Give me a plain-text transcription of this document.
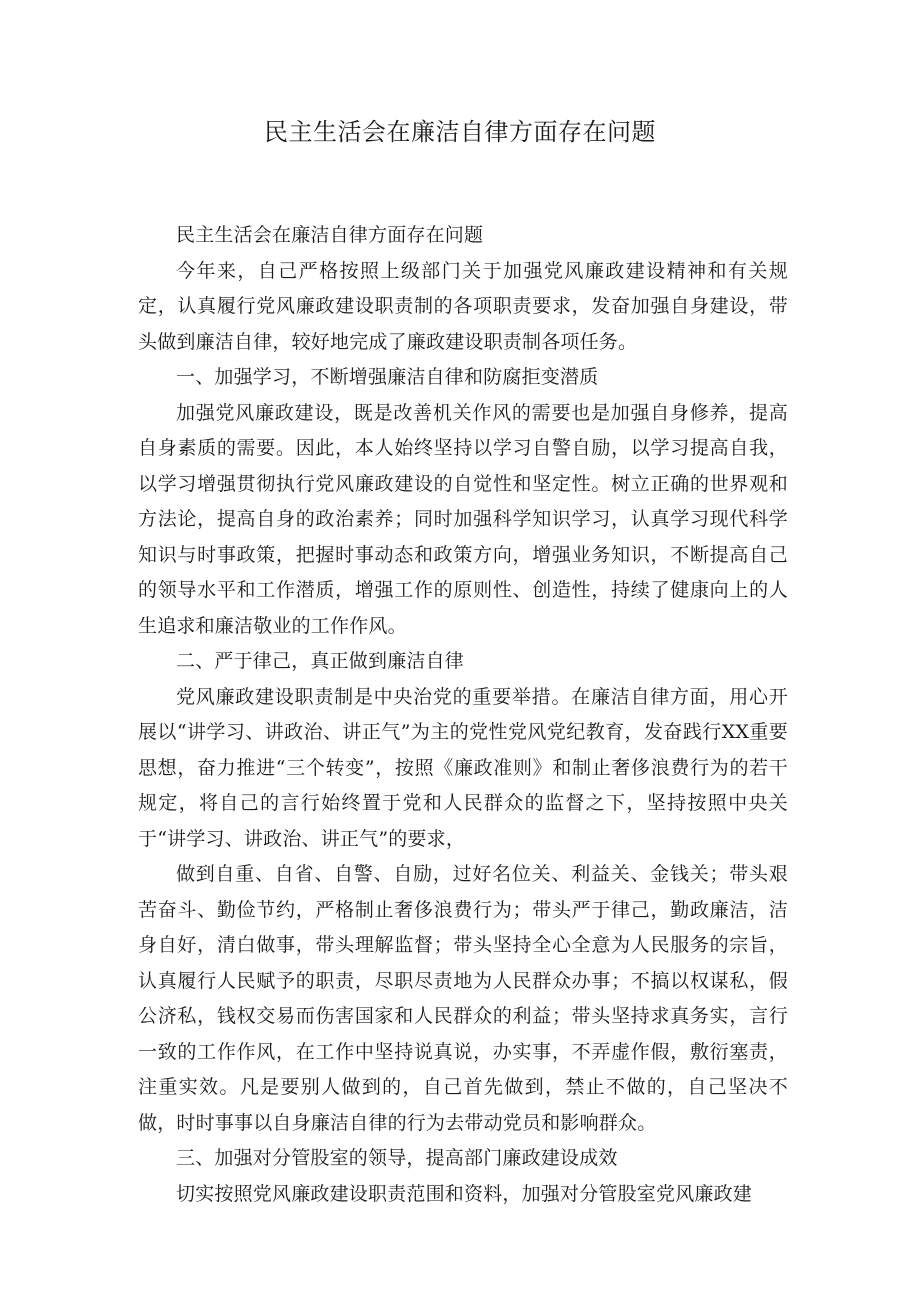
民主生活会在廉洁自律方面存在问题

民主生活会在廉洁自律方面存在问题

今年来，自己严格按照上级部门关于加强党风廉政建设精神和有关规定，认真履行党风廉政建设职责制的各项职责要求，发奋加强自身建设，带头做到廉洁自律，较好地完成了廉政建设职责制各项任务。

一、加强学习，不断增强廉洁自律和防腐拒变潜质

加强党风廉政建设，既是改善机关作风的需要也是加强自身修养，提高自身素质的需要。因此，本人始终坚持以学习自警自励，以学习提高自我，以学习增强贯彻执行党风廉政建设的自觉性和坚定性。树立正确的世界观和方法论，提高自身的政治素养；同时加强科学知识学习，认真学习现代科学知识与时事政策，把握时事动态和政策方向，增强业务知识，不断提高自己的领导水平和工作潜质，增强工作的原则性、创造性，持续了健康向上的人生追求和廉洁敬业的工作作风。

二、严于律己，真正做到廉洁自律

党风廉政建设职责制是中央治党的重要举措。在廉洁自律方面，用心开展以“讲学习、讲政治、讲正气”为主的党性党风党纪教育，发奋践行XX重要思想，奋力推进“三个转变”，按照《廉政准则》和制止奢侈浪费行为的若干规定，将自己的言行始终置于党和人民群众的监督之下，坚持按照中央关于“讲学习、讲政治、讲正气”的要求，

做到自重、自省、自警、自励，过好名位关、利益关、金钱关；带头艰苦奋斗、勤俭节约，严格制止奢侈浪费行为；带头严于律己，勤政廉洁，洁身自好，清白做事，带头理解监督；带头坚持全心全意为人民服务的宗旨，认真履行人民赋予的职责，尽职尽责地为人民群众办事；不搞以权谋私，假公济私，钱权交易而伤害国家和人民群众的利益；带头坚持求真务实，言行一致的工作作风，在工作中坚持说真说，办实事，不弄虚作假，敷衍塞责，注重实效。凡是要别人做到的，自己首先做到，禁止不做的，自己坚决不做，时时事事以自身廉洁自律的行为去带动党员和影响群众。

三、加强对分管股室的领导，提高部门廉政建设成效

切实按照党风廉政建设职责范围和资料，加强对分管股室党风廉政建
